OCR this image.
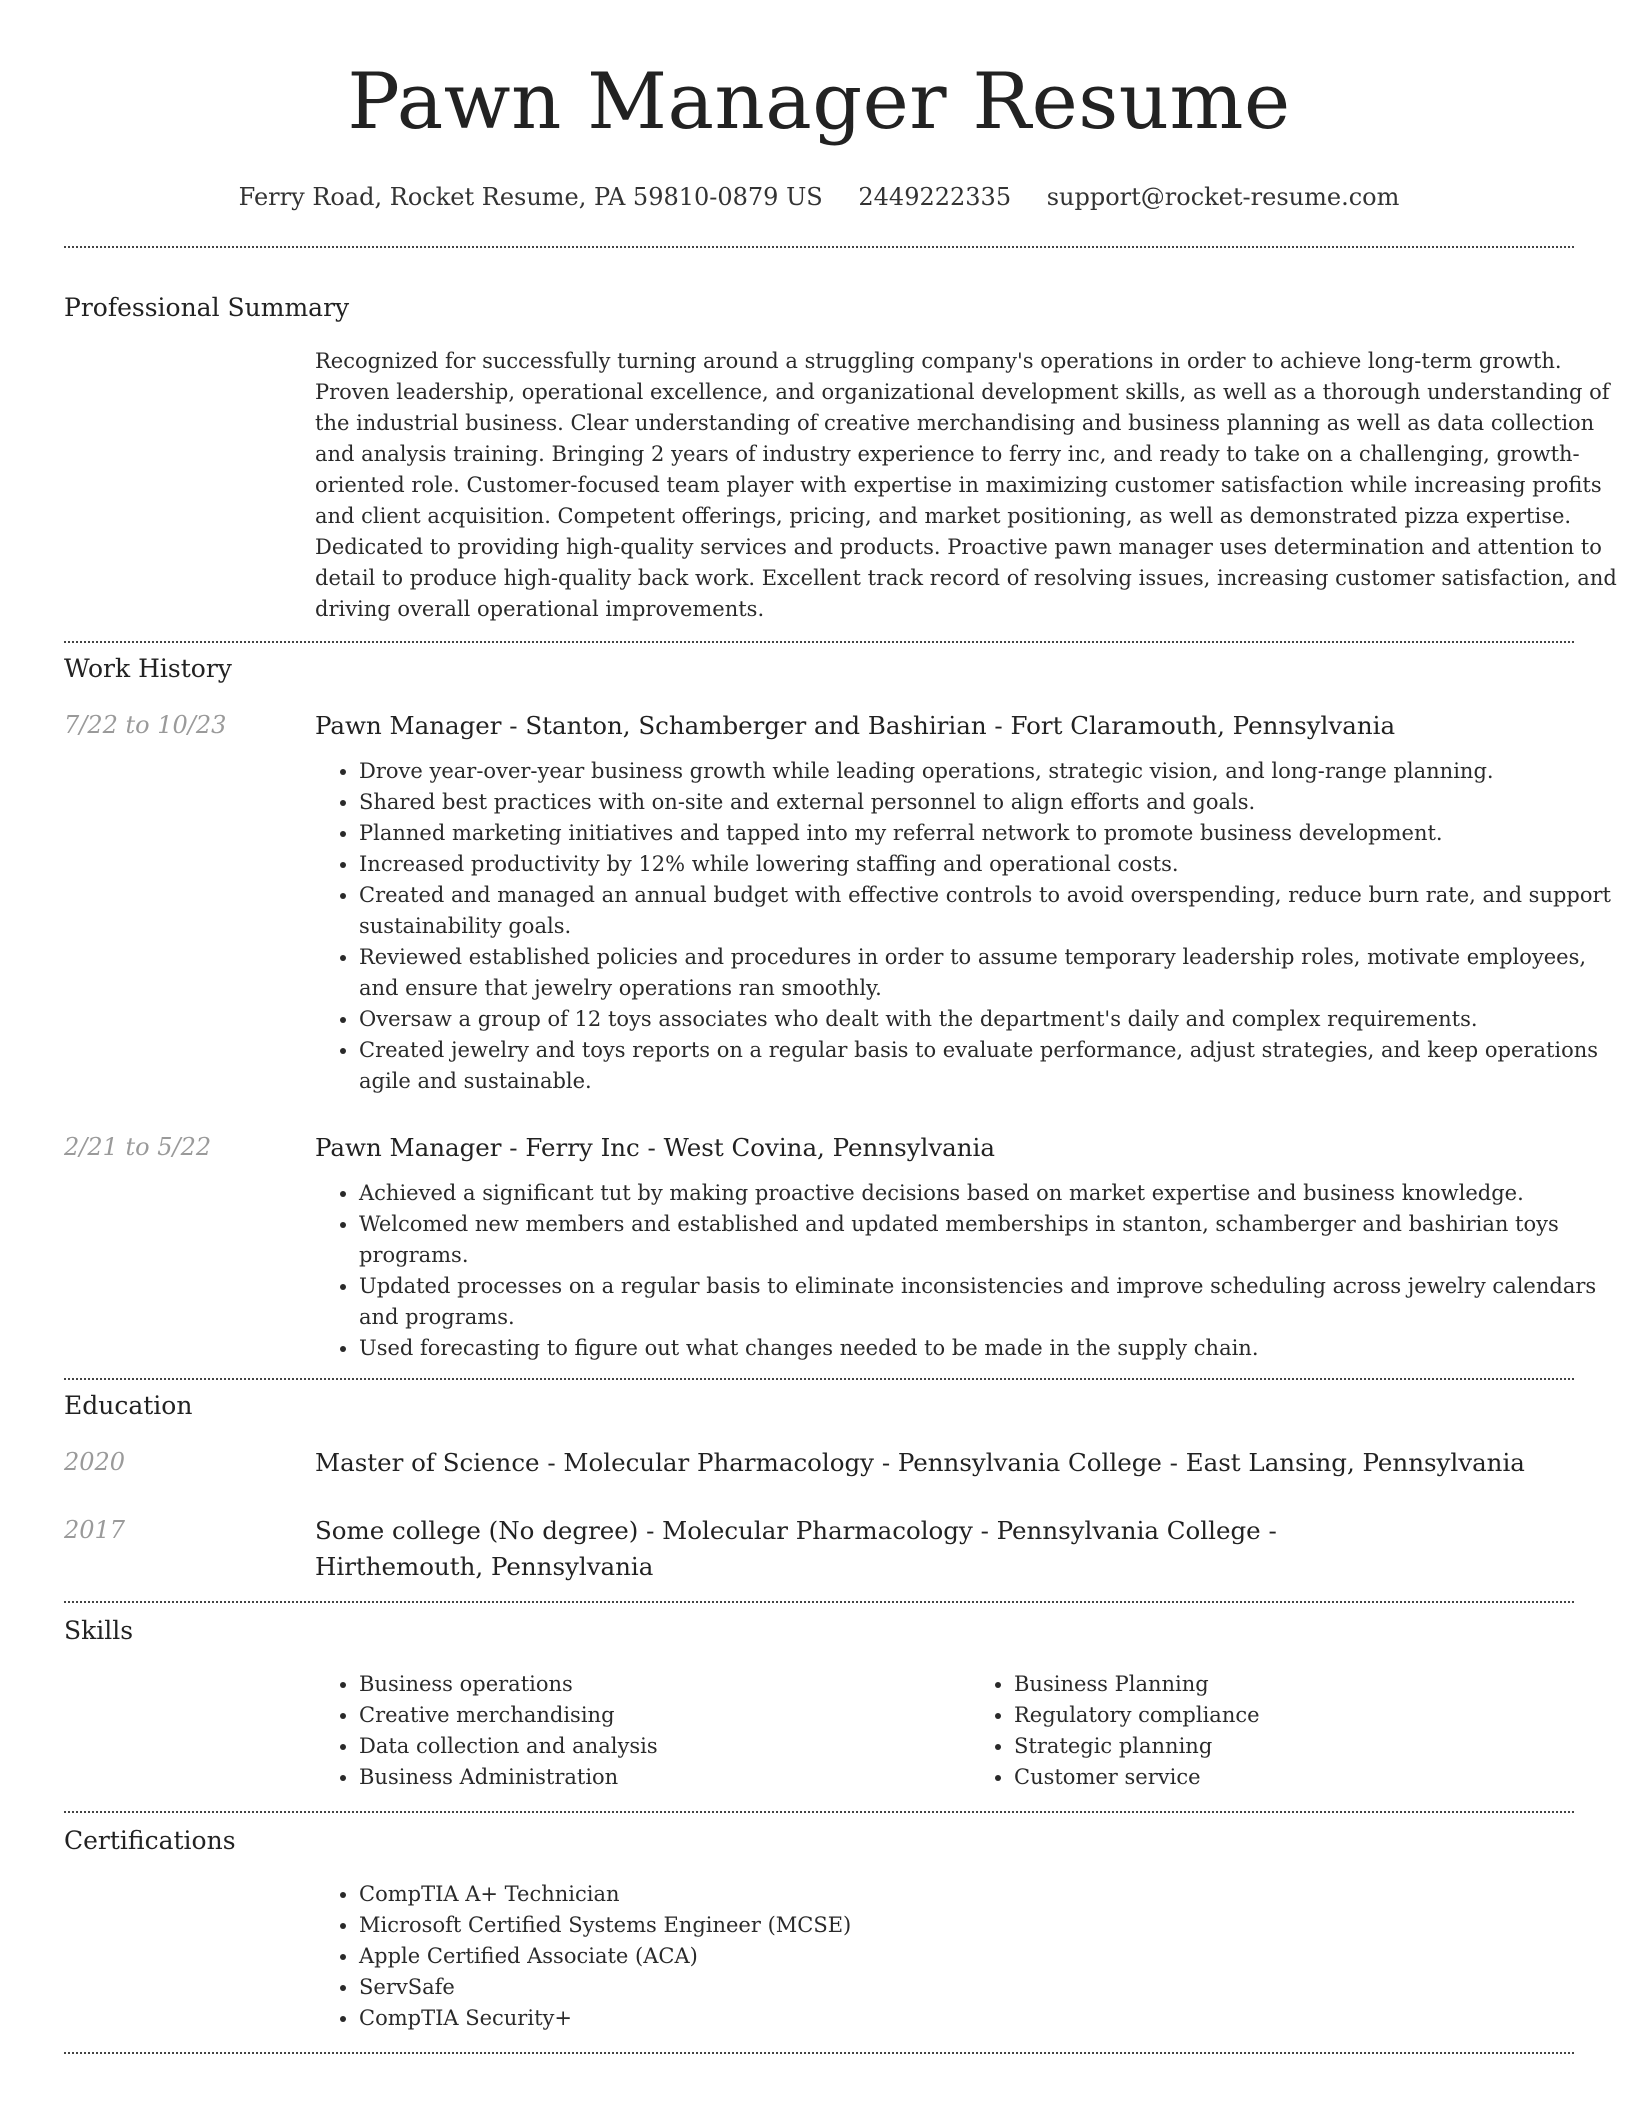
Pawn Manager Resume
Ferry Road, Rocket Resume, PA 59810-0879 US 2449222335 support@rocket-resume.com
Professional Summary

Recognized for successfully turning around a struggling company's operations in order to achieve long-term growth. Proven leadership, operational excellence, and organizational development skills, as well as a thorough understanding of the industrial business. Clear understanding of creative merchandising and business planning as well as data collection and analysis training. Bringing 2 years of industry experience to ferry inc, and ready to take on a challenging, growth-oriented role. Customer-focused team player with expertise in maximizing customer satisfaction while increasing profits and client acquisition. Competent offerings, pricing, and market positioning, as well as demonstrated pizza expertise. Dedicated to providing high-quality services and products. Proactive pawn manager uses determination and attention to detail to produce high-quality back work. Excellent track record of resolving issues, increasing customer satisfaction, and driving overall operational improvements.

Work History
7/22 to 10/23	Pawn Manager - Stanton, Schamberger and Bashirian - Fort Claramouth, Pennsylvania
• Drove year-over-year business growth while leading operations, strategic vision, and long-range planning.
• Shared best practices with on-site and external personnel to align efforts and goals.
• Planned marketing initiatives and tapped into my referral network to promote business development.
• Increased productivity by 12% while lowering staffing and operational costs.
• Created and managed an annual budget with effective controls to avoid overspending, reduce burn rate, and support sustainability goals.
• Reviewed established policies and procedures in order to assume temporary leadership roles, motivate employees, and ensure that jewelry operations ran smoothly.
• Oversaw a group of 12 toys associates who dealt with the department's daily and complex requirements.
• Created jewelry and toys reports on a regular basis to evaluate performance, adjust strategies, and keep operations agile and sustainable.
2/21 to 5/22	Pawn Manager - Ferry Inc - West Covina, Pennsylvania
• Achieved a significant tut by making proactive decisions based on market expertise and business knowledge.
• Welcomed new members and established and updated memberships in stanton, schamberger and bashirian toys programs.
• Updated processes on a regular basis to eliminate inconsistencies and improve scheduling across jewelry calendars and programs.
• Used forecasting to figure out what changes needed to be made in the supply chain.
Education
2020	Master of Science - Molecular Pharmacology - Pennsylvania College - East Lansing, Pennsylvania
2017	Some college (No degree) - Molecular Pharmacology - Pennsylvania College - Hirthemouth, Pennsylvania
Skills
• Business operations
• Creative merchandising
• Data collection and analysis
• Business Administration
• Business Planning
• Regulatory compliance
• Strategic planning
• Customer service
Certifications
• CompTIA A+ Technician
• Microsoft Certified Systems Engineer (MCSE)
• Apple Certified Associate (ACA)
• ServSafe
• CompTIA Security+
